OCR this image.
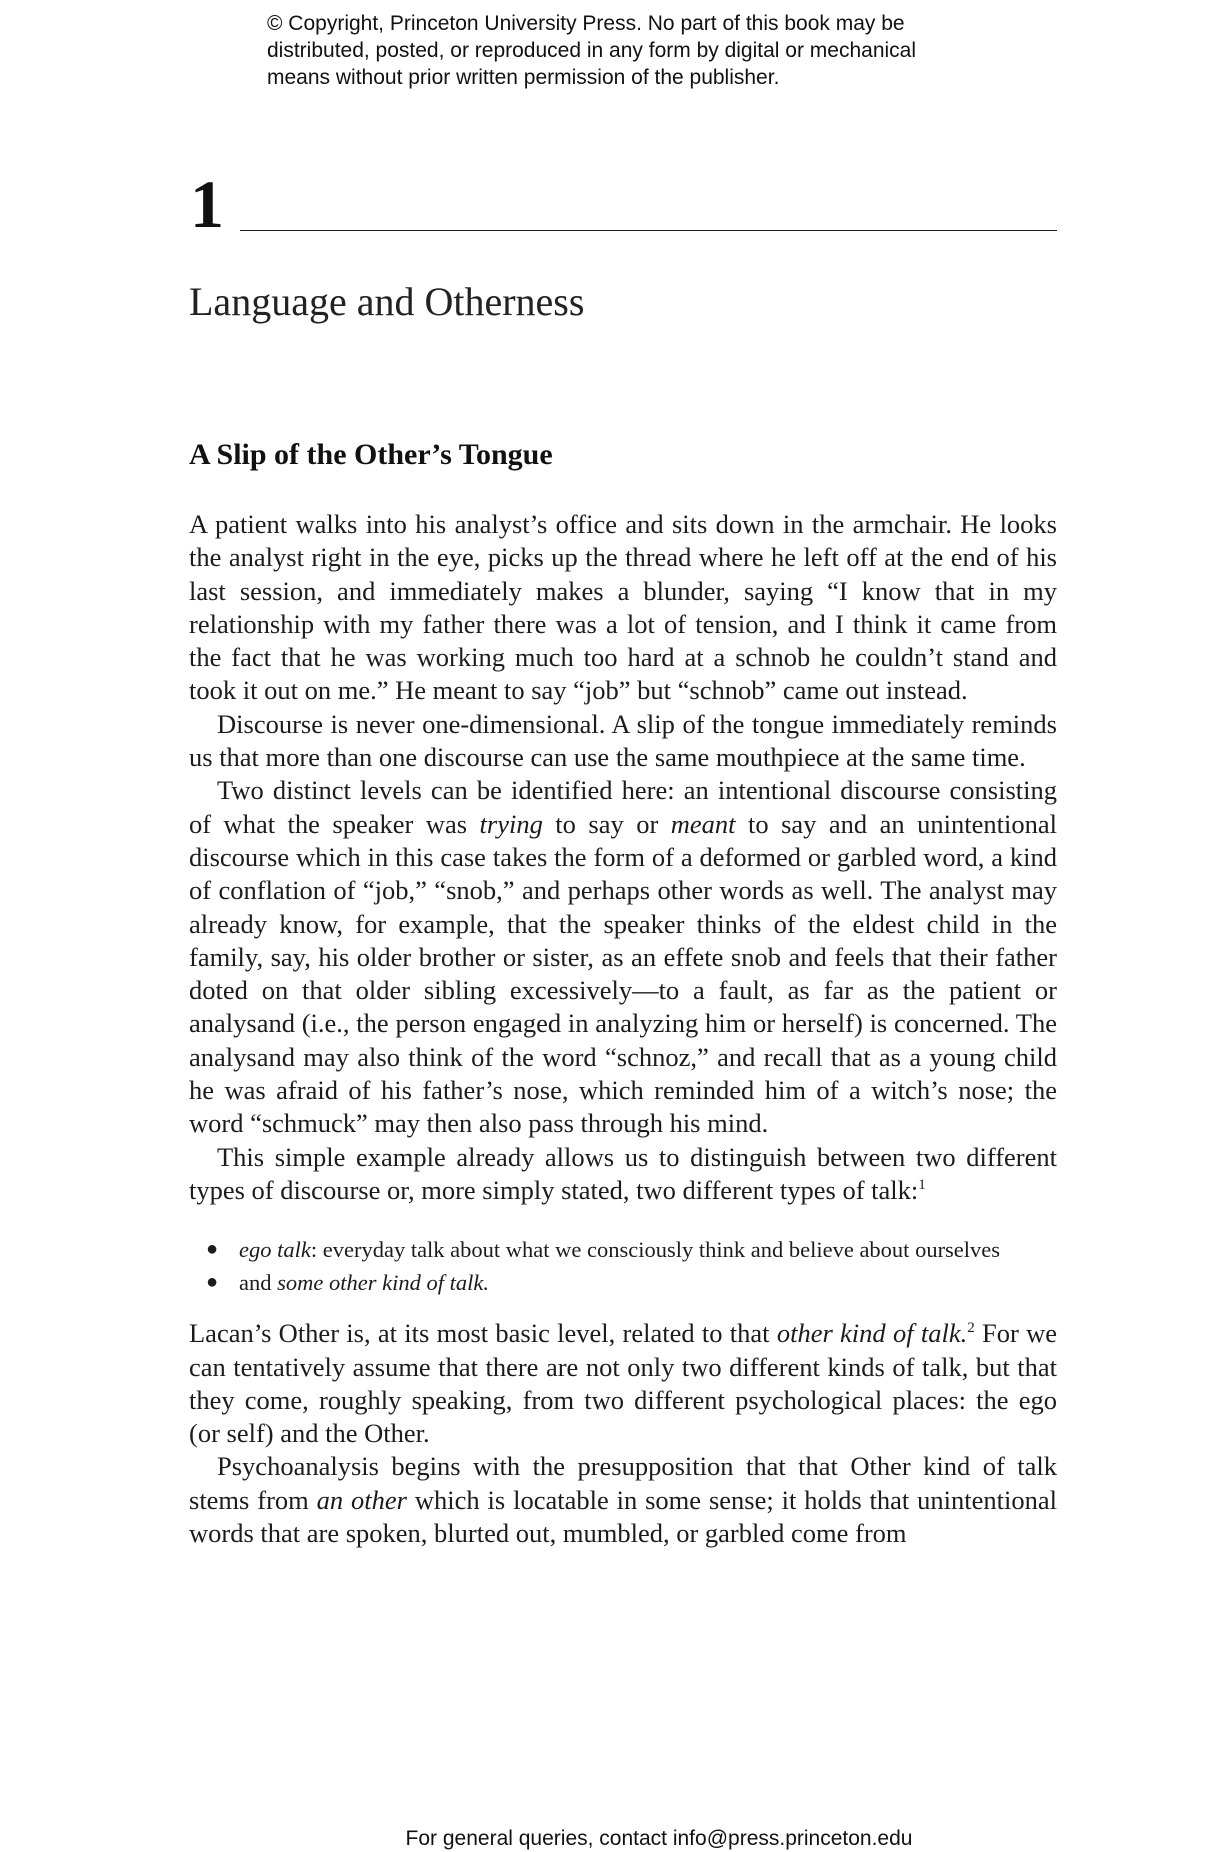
© Copyright, Princeton University Press. No part of this book may be

distributed, posted, or reproduced in any form by digital or mechanical

means without prior written permission of the publisher.

1
Language and Otherness
A Slip of the Other’s Tongue

A patient walks into his analyst’s office and sits down in the armchair. He looks the analyst right in the eye, picks up the thread where he left off at the end of his last session, and immediately makes a blunder, saying “I know that in my relationship with my father there was a lot of tension, and I think it came from the fact that he was working much too hard at a schnob he couldn’t stand and took it out on me.” He meant to say “job” but “schnob” came out instead.

Discourse is never one-dimensional. A slip of the tongue immediately reminds us that more than one discourse can use the same mouthpiece at the same time.

Two distinct levels can be identified here: an intentional discourse consisting of what the speaker was trying to say or meant to say and an unintentional discourse which in this case takes the form of a deformed or garbled word, a kind of conflation of “job,” “snob,” and perhaps other words as well. The analyst may already know, for example, that the speaker thinks of the eldest child in the family, say, his older brother or sister, as an effete snob and feels that their father doted on that older sibling excessively—to a fault, as far as the patient or analysand (i.e., the person engaged in analyzing him or herself) is concerned. The analysand may also think of the word “schnoz,” and recall that as a young child he was afraid of his father’s nose, which reminded him of a witch’s nose; the word “schmuck” may then also pass through his mind.

This simple example already allows us to distinguish between two different types of discourse or, more simply stated, two different types of talk:$^1$

● ego talk: everyday talk about what we consciously think and believe about ourselves
● and some other kind of talk.

Lacan’s Other is, at its most basic level, related to that other kind of talk.$^2$ For we can tentatively assume that there are not only two different kinds of talk, but that they come, roughly speaking, from two different psychological places: the ego (or self) and the Other.

Psychoanalysis begins with the presupposition that that Other kind of talk stems from an other which is locatable in some sense; it holds that unintentional words that are spoken, blurted out, mumbled, or garbled come from

For general queries, contact info@press.princeton.edu
